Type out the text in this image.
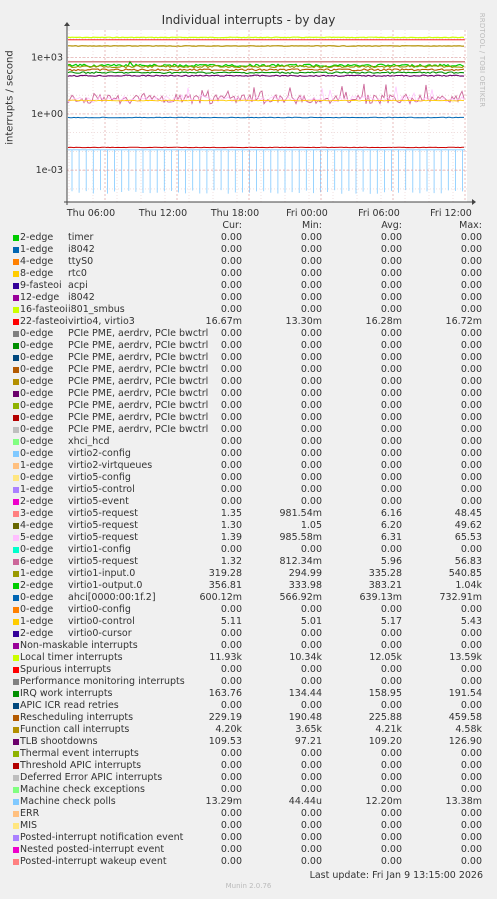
Individual interrupts - by day
interrupts / second	RRDTOOL / TOBI OETIKER
1e+03
1e+00
1e-03
Thu 06:00	Thu 12:00	Thu 18:00	Fri 00:00	Fri 06:00	Fri 12:00
Cur:	Min:	Avg:	Max:
2-edge timer	0.00	0.00	0.00	0.00
1-edge i8042	0.00	0.00	0.00	0.00
4-edge ttyS0	0.00	0.00	0.00	0.00
8-edge rtc0	0.00	0.00	0.00	0.00
9-fasteoi acpi	0.00	0.00	0.00	0.00
12-edge i8042	0.00	0.00	0.00	0.00
16-fasteoi i801_smbus	0.00	0.00	0.00	0.00
22-fasteoi virtio4, virtio3	16.67m	13.30m	16.28m	16.72m
0-edge PCIe PME, aerdrv, PCIe bwctrl	0.00	0.00	0.00	0.00
0-edge PCIe PME, aerdrv, PCIe bwctrl	0.00	0.00	0.00	0.00
0-edge PCIe PME, aerdrv, PCIe bwctrl	0.00	0.00	0.00	0.00
0-edge PCIe PME, aerdrv, PCIe bwctrl	0.00	0.00	0.00	0.00
0-edge PCIe PME, aerdrv, PCIe bwctrl	0.00	0.00	0.00	0.00
0-edge PCIe PME, aerdrv, PCIe bwctrl	0.00	0.00	0.00	0.00
0-edge PCIe PME, aerdrv, PCIe bwctrl	0.00	0.00	0.00	0.00
0-edge PCIe PME, aerdrv, PCIe bwctrl	0.00	0.00	0.00	0.00
0-edge PCIe PME, aerdrv, PCIe bwctrl	0.00	0.00	0.00	0.00
0-edge xhci_hcd	0.00	0.00	0.00	0.00
0-edge virtio2-config	0.00	0.00	0.00	0.00
1-edge virtio2-virtqueues	0.00	0.00	0.00	0.00
0-edge virtio5-config	0.00	0.00	0.00	0.00
1-edge virtio5-control	0.00	0.00	0.00	0.00
2-edge virtio5-event	0.00	0.00	0.00	0.00
3-edge virtio5-request	1.35	981.54m	6.16	48.45
4-edge virtio5-request	1.30	1.05	6.20	49.62
5-edge virtio5-request	1.39	985.58m	6.31	65.53
0-edge virtio1-config	0.00	0.00	0.00	0.00
6-edge virtio5-request	1.32	812.34m	5.96	56.83
1-edge virtio1-input.0	319.28	294.99	335.28	540.85
2-edge virtio1-output.0	356.81	333.98	383.21	1.04k
0-edge ahci[0000:00:1f.2]	600.12m	566.92m	639.13m	732.91m
0-edge virtio0-config	0.00	0.00	0.00	0.00
1-edge virtio0-control	5.11	5.01	5.17	5.43
2-edge virtio0-cursor	0.00	0.00	0.00	0.00
Non-maskable interrupts	0.00	0.00	0.00	0.00
Local timer interrupts	11.93k	10.34k	12.05k	13.59k
Spurious interrupts	0.00	0.00	0.00	0.00
Performance monitoring interrupts	0.00	0.00	0.00	0.00
IRQ work interrupts	163.76	134.44	158.95	191.54
APIC ICR read retries	0.00	0.00	0.00	0.00
Rescheduling interrupts	229.19	190.48	225.88	459.58
Function call interrupts	4.20k	3.65k	4.21k	4.58k
TLB shootdowns	109.53	97.21	109.20	126.90
Thermal event interrupts	0.00	0.00	0.00	0.00
Threshold APIC interrupts	0.00	0.00	0.00	0.00
Deferred Error APIC interrupts	0.00	0.00	0.00	0.00
Machine check exceptions	0.00	0.00	0.00	0.00
Machine check polls	13.29m	44.44u	12.20m	13.38m
ERR	0.00	0.00	0.00	0.00
MIS	0.00	0.00	0.00	0.00
Posted-interrupt notification event	0.00	0.00	0.00	0.00
Nested posted-interrupt event	0.00	0.00	0.00	0.00
Posted-interrupt wakeup event	0.00	0.00	0.00	0.00
Last update: Fri Jan 9 13:15:00 2026
Munin 2.0.76
